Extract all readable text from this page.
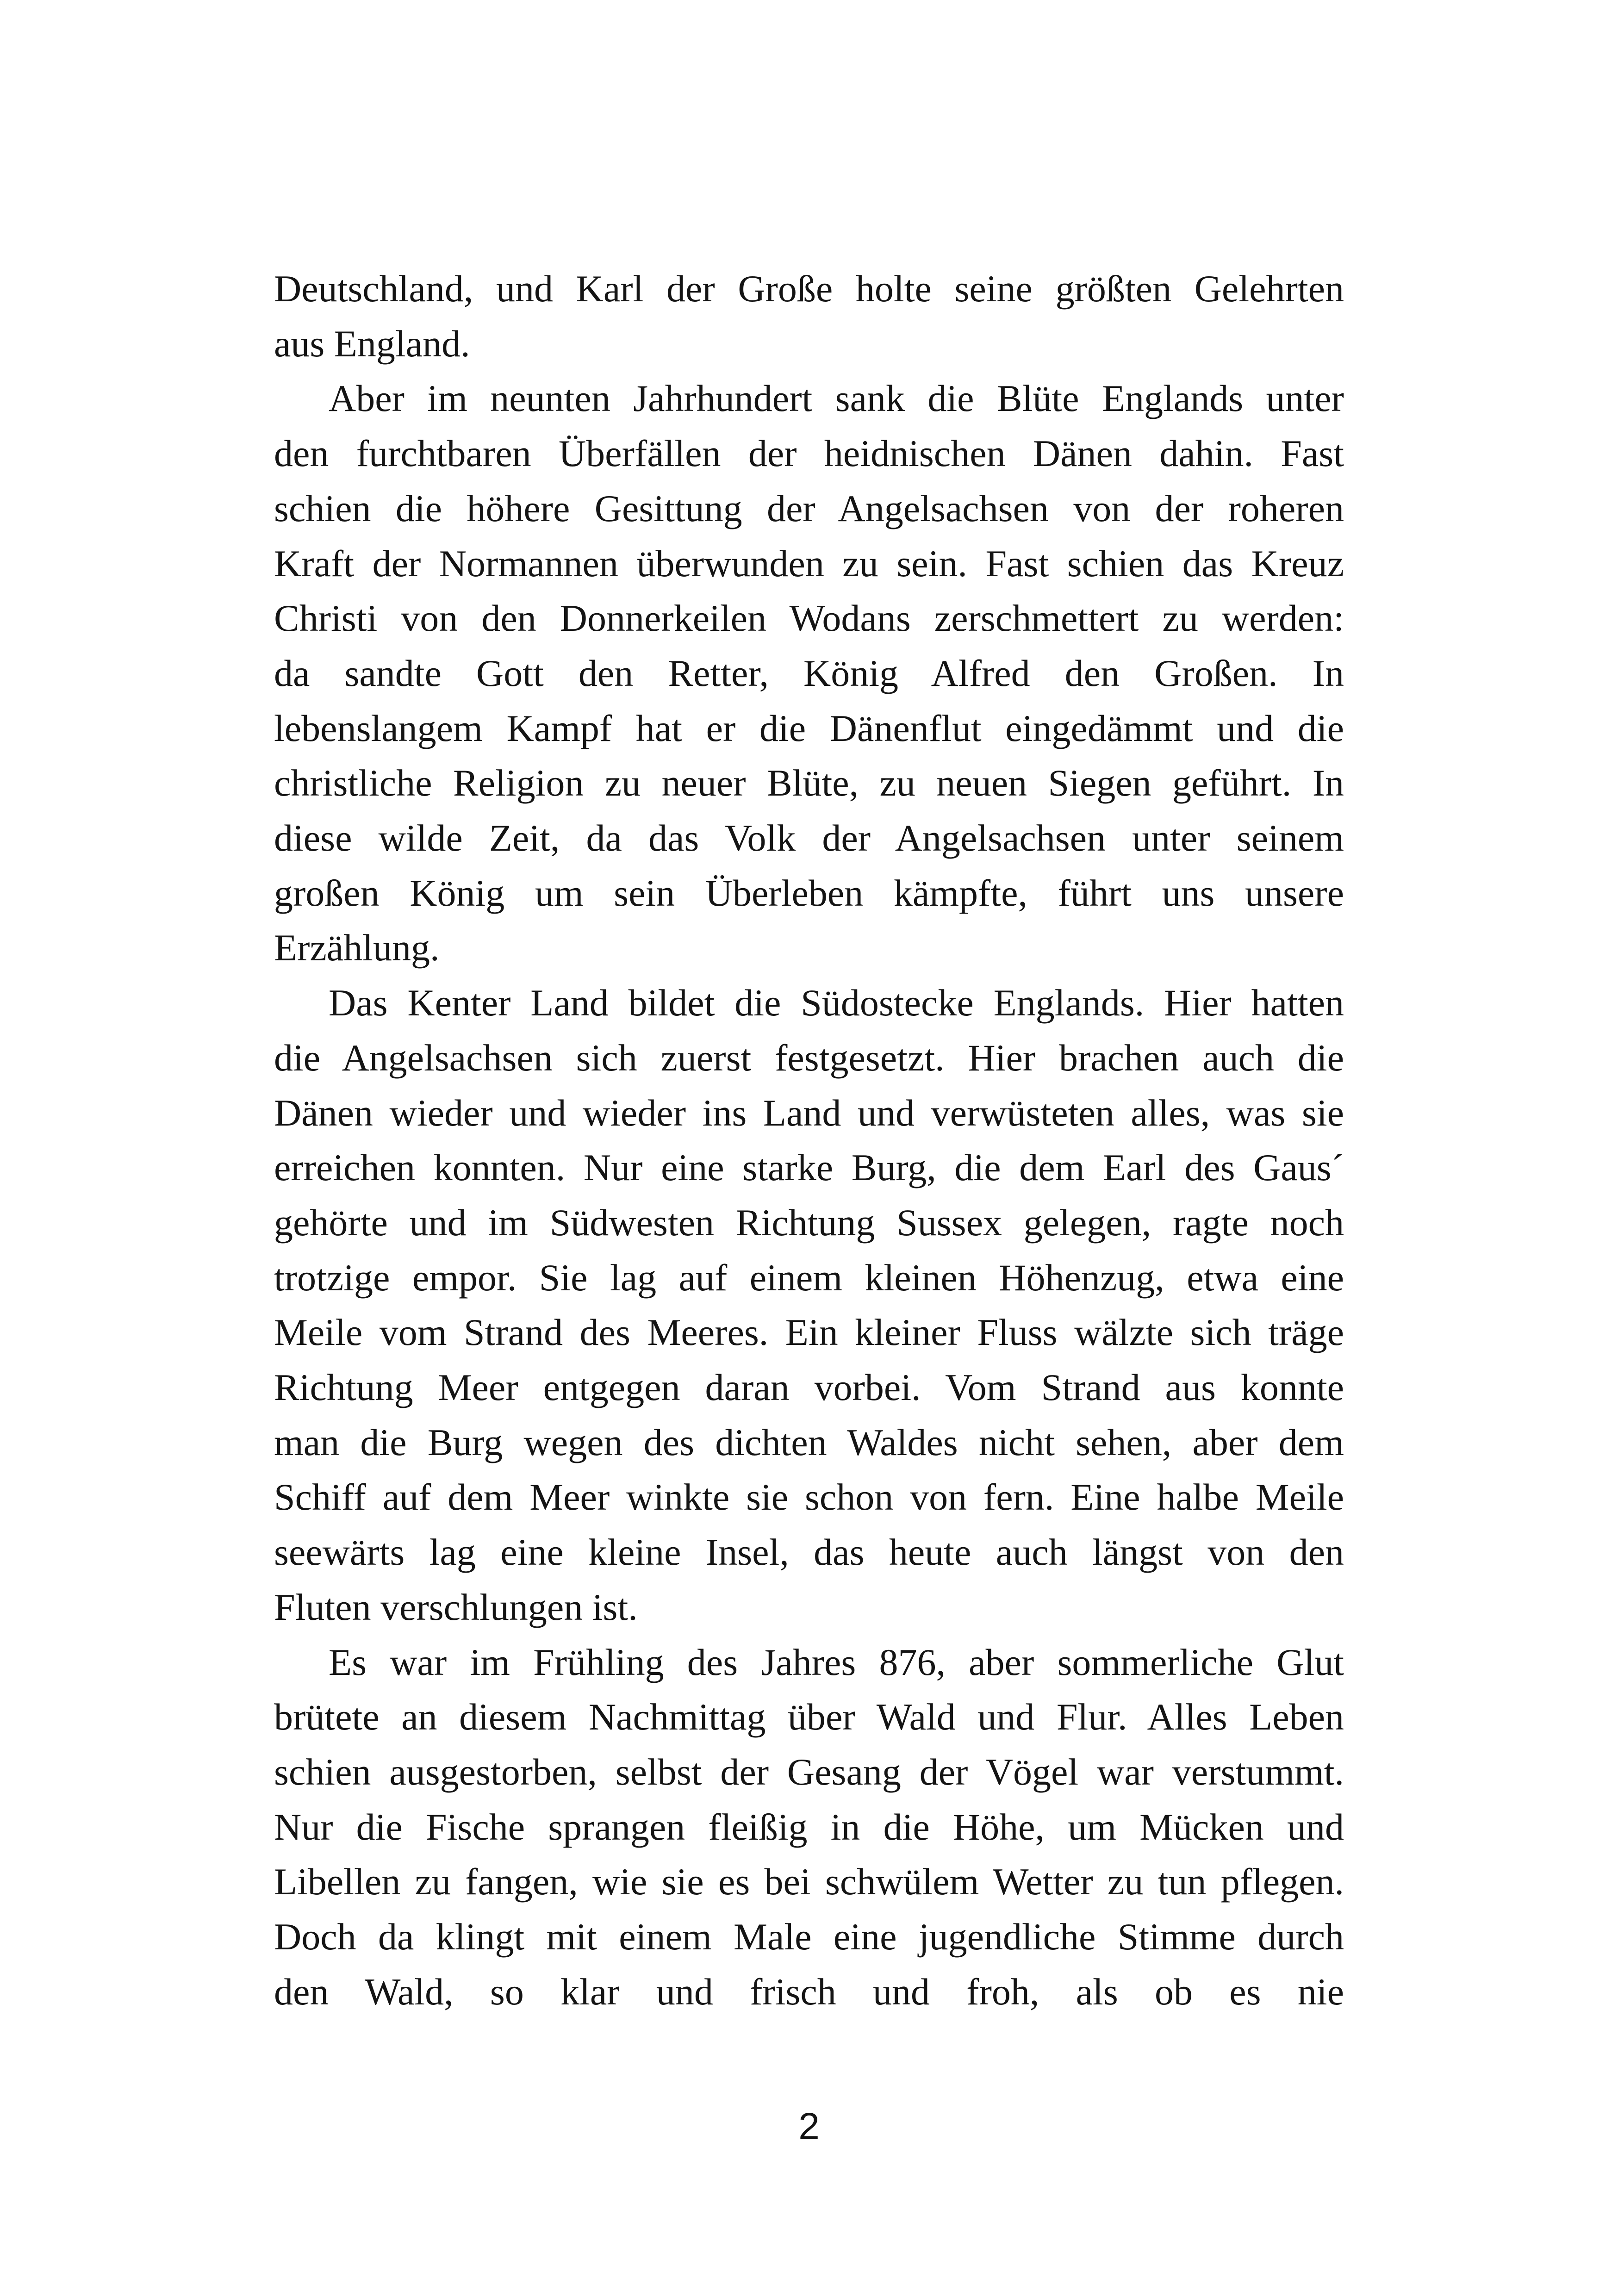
Deutschland, und Karl der Große holte seine größten Gelehrten
aus England.
Aber im neunten Jahrhundert sank die Blüte Englands unter
den furchtbaren Überfällen der heidnischen Dänen dahin. Fast
schien die höhere Gesittung der Angelsachsen von der roheren
Kraft der Normannen überwunden zu sein. Fast schien das Kreuz
Christi von den Donnerkeilen Wodans zerschmettert zu werden:
da sandte Gott den Retter, König Alfred den Großen. In
lebenslangem Kampf hat er die Dänenflut eingedämmt und die
christliche Religion zu neuer Blüte, zu neuen Siegen geführt. In
diese wilde Zeit, da das Volk der Angelsachsen unter seinem
großen König um sein Überleben kämpfte, führt uns unsere
Erzählung.
Das Kenter Land bildet die Südostecke Englands. Hier hatten
die Angelsachsen sich zuerst festgesetzt. Hier brachen auch die
Dänen wieder und wieder ins Land und verwüsteten alles, was sie
erreichen konnten. Nur eine starke Burg, die dem Earl des Gaus´
gehörte und im Südwesten Richtung Sussex gelegen, ragte noch
trotzige empor. Sie lag auf einem kleinen Höhenzug, etwa eine
Meile vom Strand des Meeres. Ein kleiner Fluss wälzte sich träge
Richtung Meer entgegen daran vorbei. Vom Strand aus konnte
man die Burg wegen des dichten Waldes nicht sehen, aber dem
Schiff auf dem Meer winkte sie schon von fern. Eine halbe Meile
seewärts lag eine kleine Insel, das heute auch längst von den
Fluten verschlungen ist.
Es war im Frühling des Jahres 876, aber sommerliche Glut
brütete an diesem Nachmittag über Wald und Flur. Alles Leben
schien ausgestorben, selbst der Gesang der Vögel war verstummt.
Nur die Fische sprangen fleißig in die Höhe, um Mücken und
Libellen zu fangen, wie sie es bei schwülem Wetter zu tun pflegen.
Doch da klingt mit einem Male eine jugendliche Stimme durch
den Wald, so klar und frisch und froh, als ob es nie
2
